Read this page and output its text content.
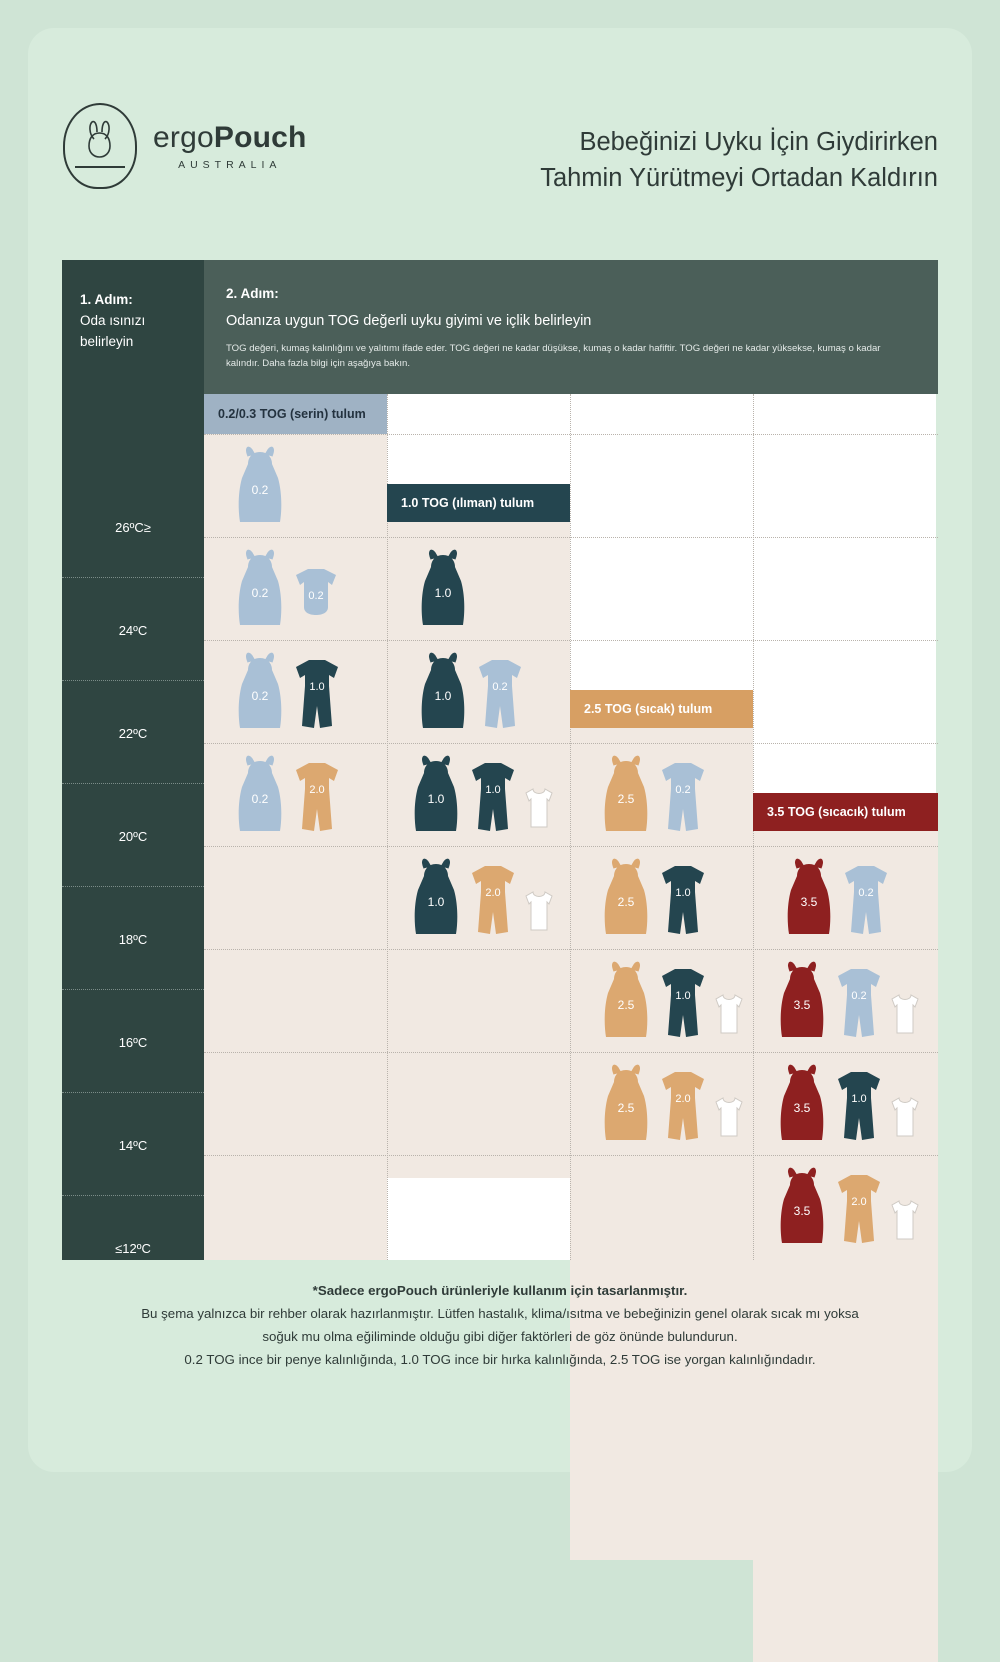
ergoPouch
AUSTRALIA
Bebeğinizi Uyku İçin Giydirirken
Tahmin Yürütmeyi Ortadan Kaldırın
1. Adım:
Oda ısınızı
belirleyin
2. Adım:
Odanıza uygun TOG değerli uyku giyimi ve içlik belirleyin
TOG değeri, kumaş kalınlığını ve yalıtımı ifade eder. TOG değeri ne kadar düşükse, kumaş o kadar hafiftir. TOG değeri ne kadar yüksekse, kumaş o kadar kalındır. Daha fazla bilgi için aşağıya bakın.
0.2/0.3 TOG (serin) tulum
1.0 TOG (ılıman) tulum
2.5 TOG (sıcak) tulum
3.5 TOG (sıcacık) tulum
0.2
0.2	0.2	1.0
0.2
1.0
1.0
0.2
0.2
2.0
1.0
1.0
2.5
0.2
1.0
2.0
2.5
1.0
3.5
0.2
2.5
1.0
3.5
0.2
2.5
2.0
3.5
1.0
3.5
2.0
26ºC≥
24ºC
22ºC
20ºC
18ºC
16ºC
14ºC
≤12ºC
*Sadece ergoPouch ürünleriyle kullanım için tasarlanmıştır.
Bu şema yalnızca bir rehber olarak hazırlanmıştır. Lütfen hastalık, klima/ısıtma ve bebeğinizin genel olarak sıcak mı yoksa
soğuk mu olma eğiliminde olduğu gibi diğer faktörleri de göz önünde bulundurun.
0.2 TOG ince bir penye kalınlığında, 1.0 TOG ince bir hırka kalınlığında, 2.5 TOG ise yorgan kalınlığındadır.
